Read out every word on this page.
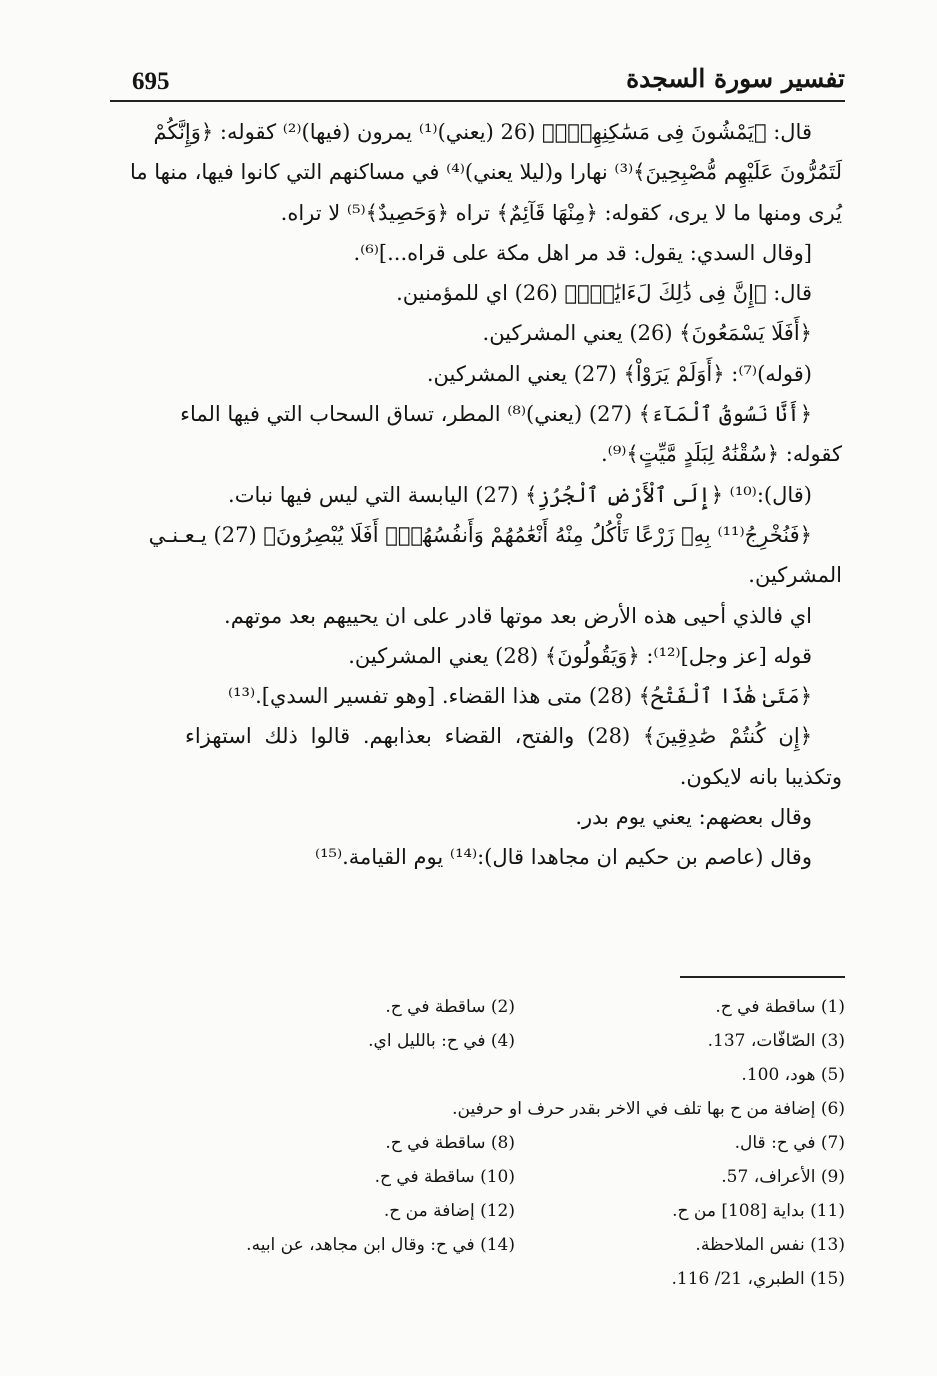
695	تفسير سورة السجدة

قال: ﴿يَمْشُونَ فِى مَسَٰكِنِهِمْۚ﴾ (26 (يعني)⁽¹⁾ يمرون (فيها)⁽²⁾ كقوله: ﴿وَإِنَّكُمْ

لَتَمُرُّونَ عَلَيْهِم مُّصْبِحِينَ﴾⁽³⁾ نهارا و(ليلا يعني)⁽⁴⁾ في مساكنهم التي كانوا فيها، منها ما

يُرى ومنها ما لا يرى، كقوله: ﴿مِنْهَا قَآئِمٌ﴾ تراه ﴿وَحَصِيدٌ﴾⁽⁵⁾ لا تراه.

[وقال السدي: يقول: قد مر اهل مكة على قراه...]⁽⁶⁾.

قال: ﴿إِنَّ فِى ذَٰلِكَ لَءَايَٰتٍۚ﴾ (26) اي للمؤمنين.

﴿أَفَلَا يَسْمَعُونَ﴾ (26) يعني المشركين.

(قوله)⁽⁷⁾: ﴿أَوَلَمْ يَرَوْاْ﴾ (27) يعني المشركين.

﴿أَنَّا نَسُوقُ ٱلْمَآءَ﴾ (27) (يعني)⁽⁸⁾ المطر، تساق السحاب التي فيها الماء

كقوله: ﴿سُقْنَٰهُ لِبَلَدٍ مَّيِّتٍ﴾⁽⁹⁾.

(قال):⁽¹⁰⁾ ﴿إِلَى ٱلْأَرْضِ ٱلْجُرُزِ﴾ (27) اليابسة التي ليس فيها نبات.

﴿فَنُخْرِجُ⁽¹¹⁾ بِهِۦ زَرْعًا تَأْكُلُ مِنْهُ أَنْعَٰمُهُمْ وَأَنفُسُهُمْۖ أَفَلَا يُبْصِرُونَ﴾ (27) يـعـنـي

المشركين.

اي فالذي أحيى هذه الأرض بعد موتها قادر على ان يحييهم بعد موتهم.

قوله [عز وجل]⁽¹²⁾: ﴿وَيَقُولُونَ﴾ (28) يعني المشركين.

﴿مَتَىٰ هَٰذَا ٱلْفَتْحُ﴾ (28) متى هذا القضاء. [وهو تفسير السدي].⁽¹³⁾

﴿إِن كُنتُمْ صَٰدِقِينَ﴾ (28) والفتح، القضاء بعذابهم. قالوا ذلك استهزاء

وتكذيبا بانه لايكون.

وقال بعضهم: يعني يوم بدر.

وقال (عاصم بن حكيم ان مجاهدا قال):⁽¹⁴⁾ يوم القيامة.⁽¹⁵⁾

(1) ساقطة في ح.
(2) ساقطة في ح.
(3) الصّافّات، 137.
(4) في ح: بالليل اي.
(5) هود، 100.
(6) إضافة من ح بها تلف في الاخر بقدر حرف او حرفين.
(7) في ح: قال.
(8) ساقطة في ح.
(9) الأعراف، 57.
(10) ساقطة في ح.
(11) بداية [108] من ح.
(12) إضافة من ح.
(13) نفس الملاحظة.
(14) في ح: وقال ابن مجاهد، عن ابيه.
(15) الطبري، 21/ 116.
